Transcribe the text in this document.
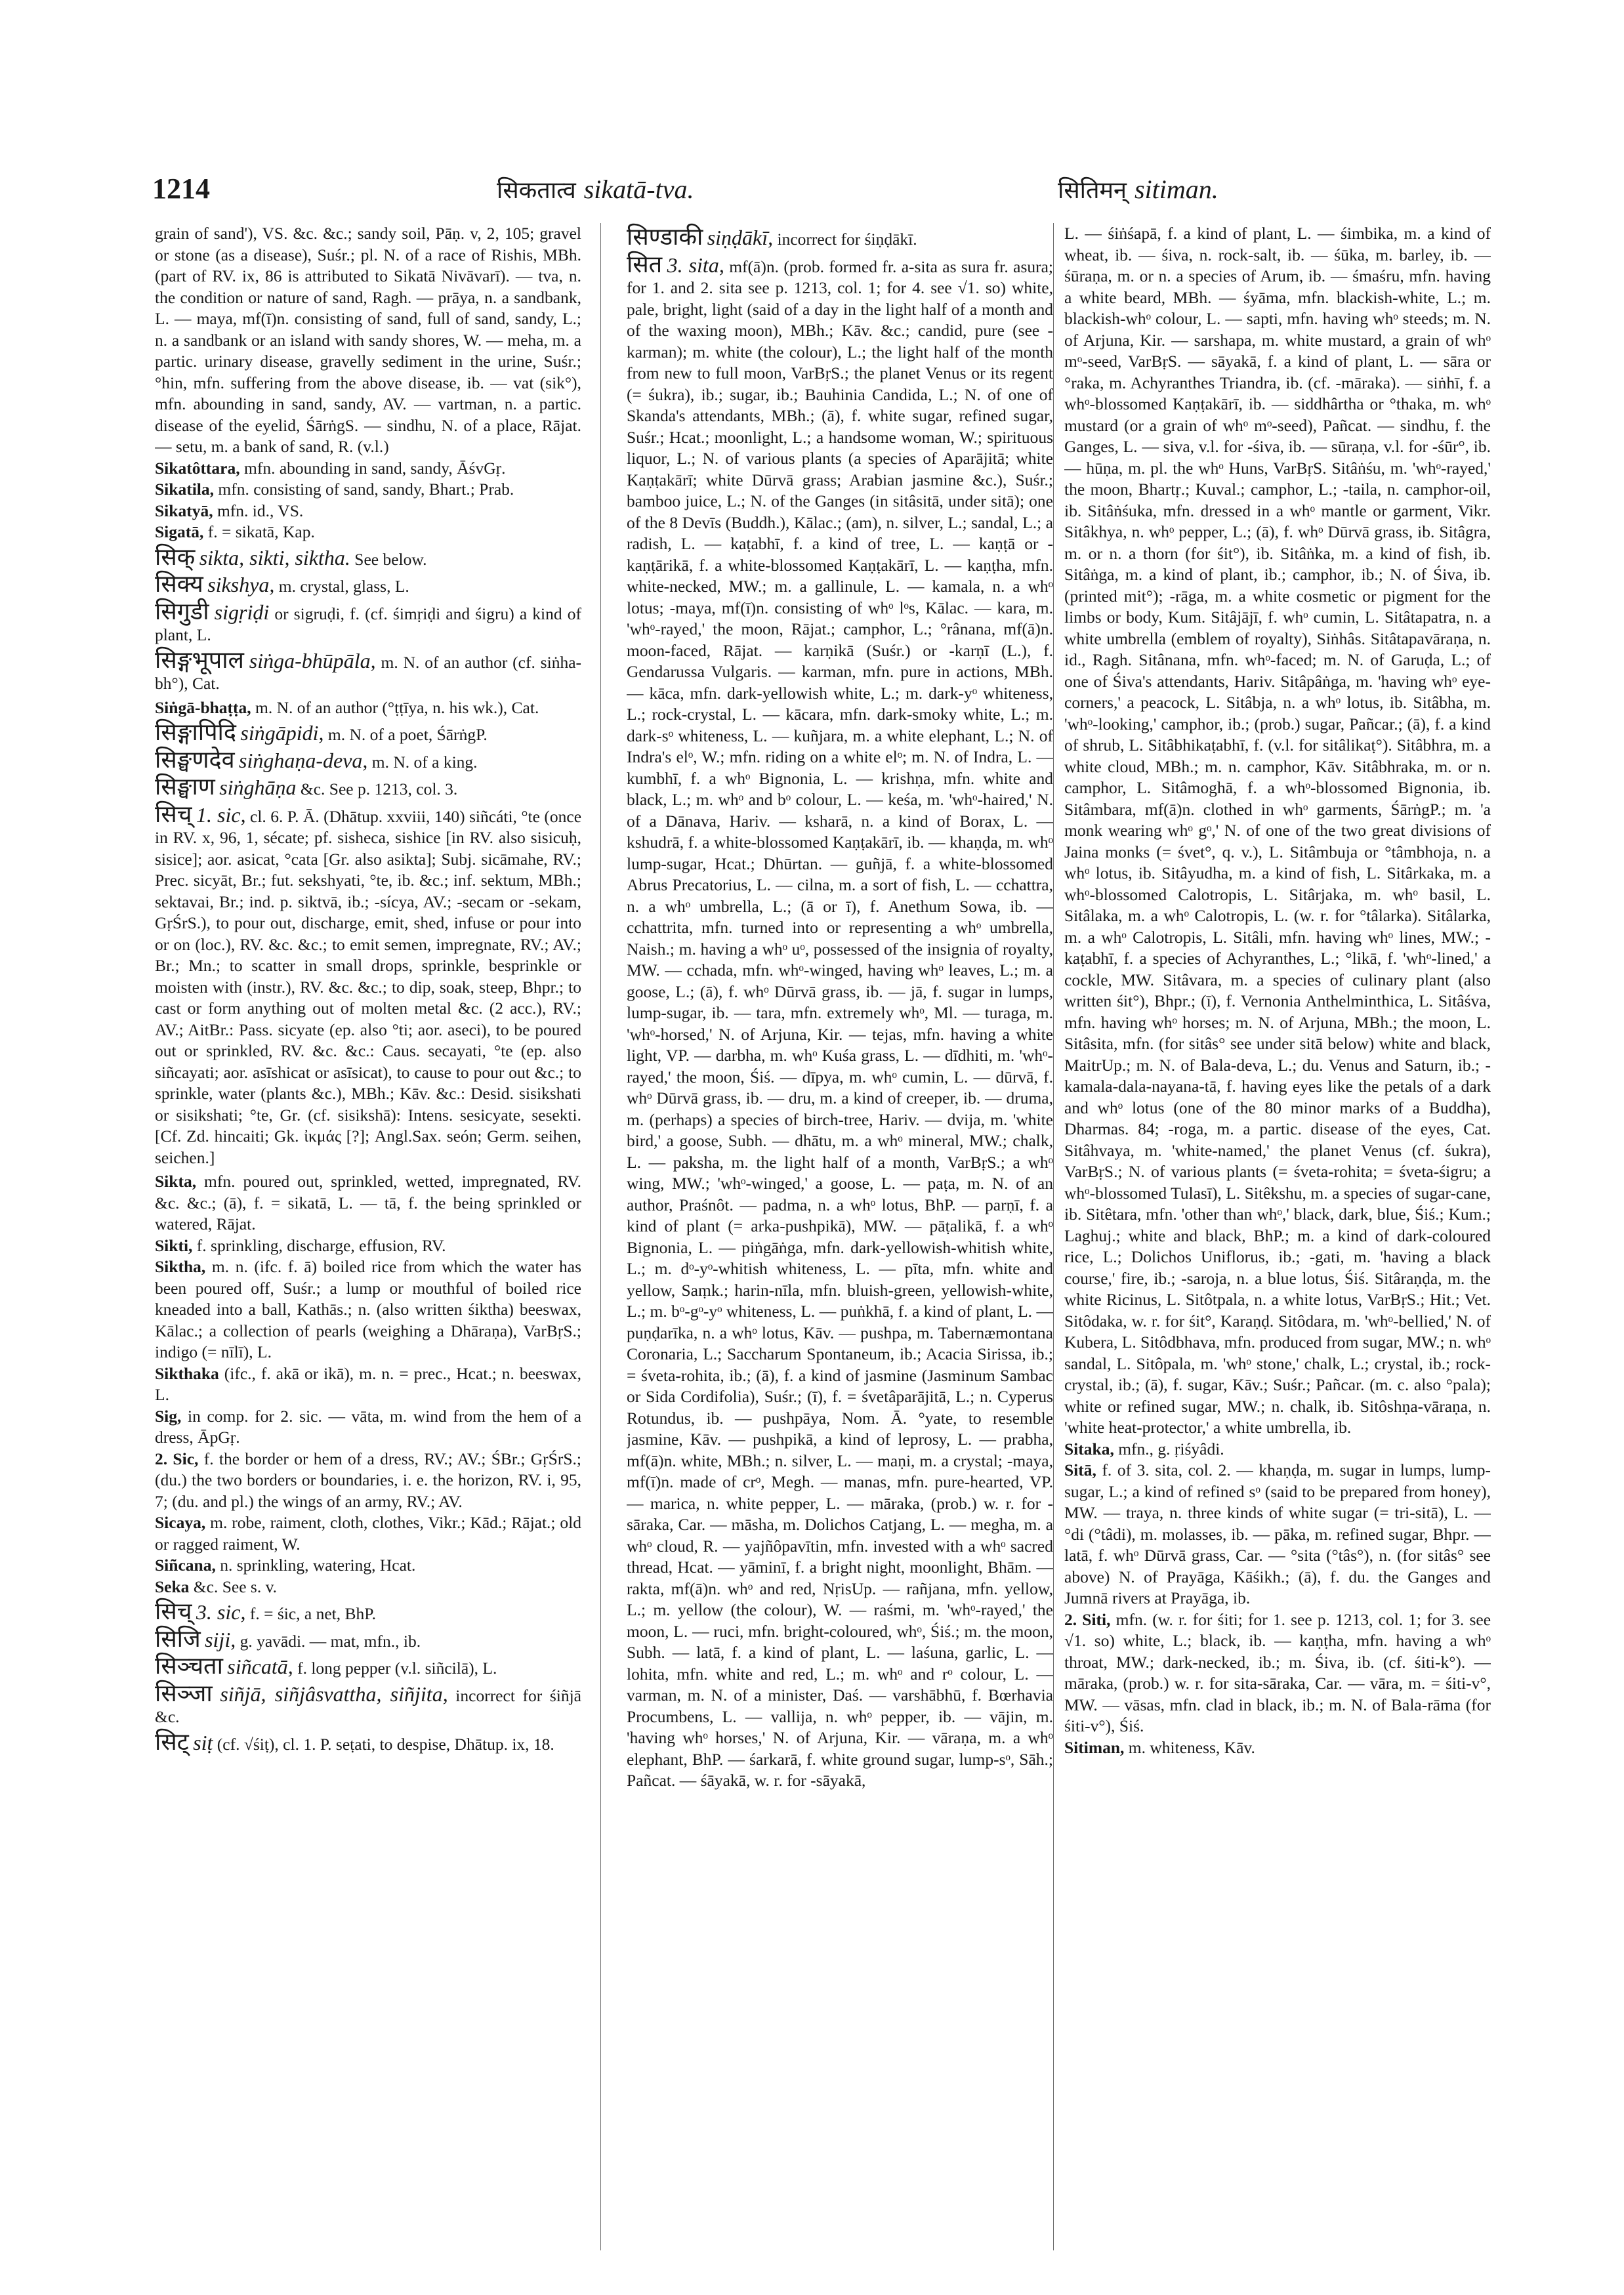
1214	सिकतात्व sikatā-tva.	सितिमन् sitiman.

grain of sand'), VS. &c. &c.; sandy soil, Pāṇ. v, 2, 105; gravel or stone (as a disease), Suśr.; pl. N. of a race of Rishis, MBh. (part of RV. ix, 86 is attributed to Sikatā Nivāvarī). — tva, n. the condition or nature of sand, Ragh. — prāya, n. a sandbank, L. — maya, mf(ī)n. consisting of sand, full of sand, sandy, L.; n. a sandbank or an island with sandy shores, W. — meha, m. a partic. urinary disease, gravelly sediment in the urine, Suśr.; °hin, mfn. suffering from the above disease, ib. — vat (sik°), mfn. abounding in sand, sandy, AV. — vartman, n. a partic. disease of the eyelid, ŚārṅgS. — sindhu, N. of a place, Rājat. — setu, m. a bank of sand, R. (v.l.)

Sikatôttara, mfn. abounding in sand, sandy, ĀśvGṛ.

Sikatila, mfn. consisting of sand, sandy, Bhart.; Prab.

Sikatyā, mfn. id., VS.

Sigatā, f. = sikatā, Kap.

सिक् sikta, sikti, siktha. See below.

सिक्य sikshya, m. crystal, glass, L.

सिगुडी sigṛiḍi or sigruḍi, f. (cf. śimṛiḍi and śigru) a kind of plant, L.

सिङ्गभूपाल siṅga-bhūpāla, m. N. of an author (cf. siṅha-bh°), Cat.

Siṅgā-bhaṭṭa, m. N. of an author (°ṭṭīya, n. his wk.), Cat.

सिङ्गापिदि siṅgāpidi, m. N. of a poet, ŚārṅgP.

सिङ्घणदेव siṅghaṇa-deva, m. N. of a king.

सिङ्घाण siṅghāṇa &c. See p. 1213, col. 3.

सिच् 1. sic, cl. 6. P. Ā. (Dhātup. xxviii, 140) siñcáti, °te (once in RV. x, 96, 1, sécate; pf. sisheca, sishice [in RV. also sisicuḥ, sisice]; aor. asicat, °cata [Gr. also asikta]; Subj. sicāmahe, RV.; Prec. sicyāt, Br.; fut. sekshyati, °te, ib. &c.; inf. sektum, MBh.; sektavai, Br.; ind. p. siktvā, ib.; -sícya, AV.; -secam or -sekam, GṛŚrS.), to pour out, discharge, emit, shed, infuse or pour into or on (loc.), RV. &c. &c.; to emit semen, impregnate, RV.; AV.; Br.; Mn.; to scatter in small drops, sprinkle, besprinkle or moisten with (instr.), RV. &c. &c.; to dip, soak, steep, Bhpr.; to cast or form anything out of molten metal &c. (2 acc.), RV.; AV.; AitBr.: Pass. sicyate (ep. also °ti; aor. aseci), to be poured out or sprinkled, RV. &c. &c.: Caus. secayati, °te (ep. also siñcayati; aor. asīshicat or asīsicat), to cause to pour out &c.; to sprinkle, water (plants &c.), MBh.; Kāv. &c.: Desid. sisikshati or sisikshati; °te, Gr. (cf. sisikshā): Intens. sesicyate, sesekti. [Cf. Zd. hincaiti; Gk. ἰκμάς [?]; Angl.Sax. seón; Germ. seihen, seichen.]

Sikta, mfn. poured out, sprinkled, wetted, impregnated, RV. &c. &c.; (ā), f. = sikatā, L. — tā, f. the being sprinkled or watered, Rājat.

Sikti, f. sprinkling, discharge, effusion, RV.

Siktha, m. n. (ifc. f. ā) boiled rice from which the water has been poured off, Suśr.; a lump or mouthful of boiled rice kneaded into a ball, Kathās.; n. (also written śiktha) beeswax, Kālac.; a collection of pearls (weighing a Dhāraṇa), VarBṛS.; indigo (= nīlī), L.

Sikthaka (ifc., f. akā or ikā), m. n. = prec., Hcat.; n. beeswax, L.

Sig, in comp. for 2. sic. — vāta, m. wind from the hem of a dress, ĀpGṛ.

2. Sic, f. the border or hem of a dress, RV.; AV.; ŚBr.; GṛŚrS.; (du.) the two borders or boundaries, i. e. the horizon, RV. i, 95, 7; (du. and pl.) the wings of an army, RV.; AV.

Sicaya, m. robe, raiment, cloth, clothes, Vikr.; Kād.; Rājat.; old or ragged raiment, W.

Siñcana, n. sprinkling, watering, Hcat.

Seka &c. See s. v.

सिच् 3. sic, f. = śic, a net, BhP.

सिजि siji, g. yavādi. — mat, mfn., ib.

सिञ्चता siñcatā, f. long pepper (v.l. siñcilā), L.

सिञ्जा siñjā, siñjâsvattha, siñjita, incorrect for śiñjā &c.

सिट् siṭ (cf. √śiṭ), cl. 1. P. seṭati, to despise, Dhātup. ix, 18.

सिण्डाकी siṇḍākī, incorrect for śiṇḍākī.

सित 3. sita, mf(ā)n. (prob. formed fr. a-sita as sura fr. asura; for 1. and 2. sita see p. 1213, col. 1; for 4. see √1. so) white, pale, bright, light (said of a day in the light half of a month and of the waxing moon), MBh.; Kāv. &c.; candid, pure (see -karman); m. white (the colour), L.; the light half of the month from new to full moon, VarBṛS.; the planet Venus or its regent (= śukra), ib.; sugar, ib.; Bauhinia Candida, L.; N. of one of Skanda's attendants, MBh.; (ā), f. white sugar, refined sugar, Suśr.; Hcat.; moonlight, L.; a handsome woman, W.; spirituous liquor, L.; N. of various plants (a species of Aparājitā; white Kaṇṭakārī; white Dūrvā grass; Arabian jasmine &c.), Suśr.; bamboo juice, L.; N. of the Ganges (in sitâsitā, under sitā); one of the 8 Devīs (Buddh.), Kālac.; (am), n. silver, L.; sandal, L.; a radish, L. — kaṭabhī, f. a kind of tree, L. — kaṇṭā or -kaṇṭārikā, f. a white-blossomed Kaṇṭakārī, L. — kaṇṭha, mfn. white-necked, MW.; m. a gallinule, L. — kamala, n. a whᵒ lotus; -maya, mf(ī)n. consisting of whᵒ lᵒs, Kālac. — kara, m. 'whᵒ-rayed,' the moon, Rājat.; camphor, L.; °rânana, mf(ā)n. moon-faced, Rājat. — karṇikā (Suśr.) or -karṇī (L.), f. Gendarussa Vulgaris. — karman, mfn. pure in actions, MBh. — kāca, mfn. dark-yellowish white, L.; m. dark-yᵒ whiteness, L.; rock-crystal, L. — kācara, mfn. dark-smoky white, L.; m. dark-sᵒ whiteness, L. — kuñjara, m. a white elephant, L.; N. of Indra's elᵒ, W.; mfn. riding on a white elᵒ; m. N. of Indra, L. — kumbhī, f. a whᵒ Bignonia, L. — krishṇa, mfn. white and black, L.; m. whᵒ and bᵒ colour, L. — keśa, m. 'whᵒ-haired,' N. of a Dānava, Hariv. — ksharā, n. a kind of Borax, L. — kshudrā, f. a white-blossomed Kaṇṭakārī, ib. — khaṇḍa, m. whᵒ lump-sugar, Hcat.; Dhūrtan. — guñjā, f. a white-blossomed Abrus Precatorius, L. — cilna, m. a sort of fish, L. — cchattra, n. a whᵒ umbrella, L.; (ā or ī), f. Anethum Sowa, ib. — cchattrita, mfn. turned into or representing a whᵒ umbrella, Naish.; m. having a whᵒ uᵒ, possessed of the insignia of royalty, MW. — cchada, mfn. whᵒ-winged, having whᵒ leaves, L.; m. a goose, L.; (ā), f. whᵒ Dūrvā grass, ib. — jā, f. sugar in lumps, lump-sugar, ib. — tara, mfn. extremely whᵒ, Ml. — turaga, m. 'whᵒ-horsed,' N. of Arjuna, Kir. — tejas, mfn. having a white light, VP. — darbha, m. whᵒ Kuśa grass, L. — dīdhiti, m. 'whᵒ-rayed,' the moon, Śiś. — dīpya, m. whᵒ cumin, L. — dūrvā, f. whᵒ Dūrvā grass, ib. — dru, m. a kind of creeper, ib. — druma, m. (perhaps) a species of birch-tree, Hariv. — dvija, m. 'white bird,' a goose, Subh. — dhātu, m. a whᵒ mineral, MW.; chalk, L. — paksha, m. the light half of a month, VarBṛS.; a whᵒ wing, MW.; 'whᵒ-winged,' a goose, L. — paṭa, m. N. of an author, Praśnôt. — padma, n. a whᵒ lotus, BhP. — parṇī, f. a kind of plant (= arka-pushpikā), MW. — pāṭalikā, f. a whᵒ Bignonia, L. — piṅgāṅga, mfn. dark-yellowish-whitish white, L.; m. dᵒ-yᵒ-whitish whiteness, L. — pīta, mfn. white and yellow, Saṃk.; harin-nīla, mfn. bluish-green, yellowish-white, L.; m. bᵒ-gᵒ-yᵒ whiteness, L. — puṅkhā, f. a kind of plant, L. — puṇḍarīka, n. a whᵒ lotus, Kāv. — pushpa, m. Tabernæmontana Coronaria, L.; Saccharum Spontaneum, ib.; Acacia Sirissa, ib.; = śveta-rohita, ib.; (ā), f. a kind of jasmine (Jasminum Sambac or Sida Cordifolia), Suśr.; (ī), f. = śvetâparājitā, L.; n. Cyperus Rotundus, ib. — pushpāya, Nom. Ā. °yate, to resemble jasmine, Kāv. — pushpikā, a kind of leprosy, L. — prabha, mf(ā)n. white, MBh.; n. silver, L. — maṇi, m. a crystal; -maya, mf(ī)n. made of crᵒ, Megh. — manas, mfn. pure-hearted, VP. — marica, n. white pepper, L. — māraka, (prob.) w. r. for -sāraka, Car. — māsha, m. Dolichos Catjang, L. — megha, m. a whᵒ cloud, R. — yajñôpavītin, mfn. invested with a whᵒ sacred thread, Hcat. — yāminī, f. a bright night, moonlight, Bhām. — rakta, mf(ā)n. whᵒ and red, NṛisUp. — rañjana, mfn. yellow, L.; m. yellow (the colour), W. — raśmi, m. 'whᵒ-rayed,' the moon, L. — ruci, mfn. bright-coloured, whᵒ, Śiś.; m. the moon, Subh. — latā, f. a kind of plant, L. — laśuna, garlic, L. — lohita, mfn. white and red, L.; m. whᵒ and rᵒ colour, L. — varman, m. N. of a minister, Daś. — varshābhū, f. Bœrhavia Procumbens, L. — vallija, n. whᵒ pepper, ib. — vājin, m. 'having whᵒ horses,' N. of Arjuna, Kir. — vāraṇa, m. a whᵒ elephant, BhP. — śarkarā, f. white ground sugar, lump-sᵒ, Sāh.; Pañcat. — śāyakā, w. r. for -sāyakā,

L. — śiṅśapā, f. a kind of plant, L. — śimbika, m. a kind of wheat, ib. — śiva, n. rock-salt, ib. — śūka, m. barley, ib. — śūraṇa, m. or n. a species of Arum, ib. — śmaśru, mfn. having a white beard, MBh. — śyāma, mfn. blackish-white, L.; m. blackish-whᵒ colour, L. — sapti, mfn. having whᵒ steeds; m. N. of Arjuna, Kir. — sarshapa, m. white mustard, a grain of whᵒ mᵒ-seed, VarBṛS. — sāyakā, f. a kind of plant, L. — sāra or °raka, m. Achyranthes Triandra, ib. (cf. -māraka). — siṅhī, f. a whᵒ-blossomed Kaṇṭakārī, ib. — siddhârtha or °thaka, m. whᵒ mustard (or a grain of whᵒ mᵒ-seed), Pañcat. — sindhu, f. the Ganges, L. — siva, v.l. for -śiva, ib. — sūraṇa, v.l. for -śūr°, ib. — hūṇa, m. pl. the whᵒ Huns, VarBṛS. Sitâṅśu, m. 'whᵒ-rayed,' the moon, Bhartṛ.; Kuval.; camphor, L.; -taila, n. camphor-oil, ib. Sitâṅśuka, mfn. dressed in a whᵒ mantle or garment, Vikr. Sitâkhya, n. whᵒ pepper, L.; (ā), f. whᵒ Dūrvā grass, ib. Sitâgra, m. or n. a thorn (for śit°), ib. Sitâṅka, m. a kind of fish, ib. Sitâṅga, m. a kind of plant, ib.; camphor, ib.; N. of Śiva, ib. (printed mit°); -rāga, m. a white cosmetic or pigment for the limbs or body, Kum. Sitâjājī, f. whᵒ cumin, L. Sitâtapatra, n. a white umbrella (emblem of royalty), Siṅhâs. Sitâtapavāraṇa, n. id., Ragh. Sitânana, mfn. whᵒ-faced; m. N. of Garuḍa, L.; of one of Śiva's attendants, Hariv. Sitâpâṅga, m. 'having whᵒ eye-corners,' a peacock, L. Sitâbja, n. a whᵒ lotus, ib. Sitâbha, m. 'whᵒ-looking,' camphor, ib.; (prob.) sugar, Pañcar.; (ā), f. a kind of shrub, L. Sitâbhikaṭabhī, f. (v.l. for sitâlikaṭ°). Sitâbhra, m. a white cloud, MBh.; m. n. camphor, Kāv. Sitâbhraka, m. or n. camphor, L. Sitâmoghā, f. a whᵒ-blossomed Bignonia, ib. Sitâmbara, mf(ā)n. clothed in whᵒ garments, ŚārṅgP.; m. 'a monk wearing whᵒ gᵒ,' N. of one of the two great divisions of Jaina monks (= śvet°, q. v.), L. Sitâmbuja or °tâmbhoja, n. a whᵒ lotus, ib. Sitâyudha, m. a kind of fish, L. Sitârkaka, m. a whᵒ-blossomed Calotropis, L. Sitârjaka, m. whᵒ basil, L. Sitâlaka, m. a whᵒ Calotropis, L. (w. r. for °tâlarka). Sitâlarka, m. a whᵒ Calotropis, L. Sitâli, mfn. having whᵒ lines, MW.; -kaṭabhī, f. a species of Achyranthes, L.; °likā, f. 'whᵒ-lined,' a cockle, MW. Sitâvara, m. a species of culinary plant (also written śit°), Bhpr.; (ī), f. Vernonia Anthelminthica, L. Sitâśva, mfn. having whᵒ horses; m. N. of Arjuna, MBh.; the moon, L. Sitâsita, mfn. (for sitâs° see under sitā below) white and black, MaitrUp.; m. N. of Bala-deva, L.; du. Venus and Saturn, ib.; -kamala-dala-nayana-tā, f. having eyes like the petals of a dark and whᵒ lotus (one of the 80 minor marks of a Buddha), Dharmas. 84; -roga, m. a partic. disease of the eyes, Cat. Sitâhvaya, m. 'white-named,' the planet Venus (cf. śukra), VarBṛS.; N. of various plants (= śveta-rohita; = śveta-śigru; a whᵒ-blossomed Tulasī), L. Sitêkshu, m. a species of sugar-cane, ib. Sitêtara, mfn. 'other than whᵒ,' black, dark, blue, Śiś.; Kum.; Laghuj.; white and black, BhP.; m. a kind of dark-coloured rice, L.; Dolichos Uniflorus, ib.; -gati, m. 'having a black course,' fire, ib.; -saroja, n. a blue lotus, Śiś. Sitâraṇḍa, m. the white Ricinus, L. Sitôtpala, n. a white lotus, VarBṛS.; Hit.; Vet. Sitôdaka, w. r. for śit°, Karaṇḍ. Sitôdara, m. 'whᵒ-bellied,' N. of Kubera, L. Sitôdbhava, mfn. produced from sugar, MW.; n. whᵒ sandal, L. Sitôpala, m. 'whᵒ stone,' chalk, L.; crystal, ib.; rock-crystal, ib.; (ā), f. sugar, Kāv.; Suśr.; Pañcar. (m. c. also °pala); white or refined sugar, MW.; n. chalk, ib. Sitôshṇa-vāraṇa, n. 'white heat-protector,' a white umbrella, ib.

Sitaka, mfn., g. ṛiśyâdi.

Sitā, f. of 3. sita, col. 2. — khaṇḍa, m. sugar in lumps, lump-sugar, L.; a kind of refined sᵒ (said to be prepared from honey), MW. — traya, n. three kinds of white sugar (= tri-sitā), L. — °di (°tâdi), m. molasses, ib. — pāka, m. refined sugar, Bhpr. — latā, f. whᵒ Dūrvā grass, Car. — °sita (°tâs°), n. (for sitâs° see above) N. of Prayāga, Kāśikh.; (ā), f. du. the Ganges and Jumnā rivers at Prayāga, ib.

2. Siti, mfn. (w. r. for śiti; for 1. see p. 1213, col. 1; for 3. see √1. so) white, L.; black, ib. — kaṇṭha, mfn. having a whᵒ throat, MW.; dark-necked, ib.; m. Śiva, ib. (cf. śiti-k°). — māraka, (prob.) w. r. for sita-sāraka, Car. — vāra, m. = śiti-v°, MW. — vāsas, mfn. clad in black, ib.; m. N. of Bala-rāma (for śiti-v°), Śiś.

Sitiman, m. whiteness, Kāv.
